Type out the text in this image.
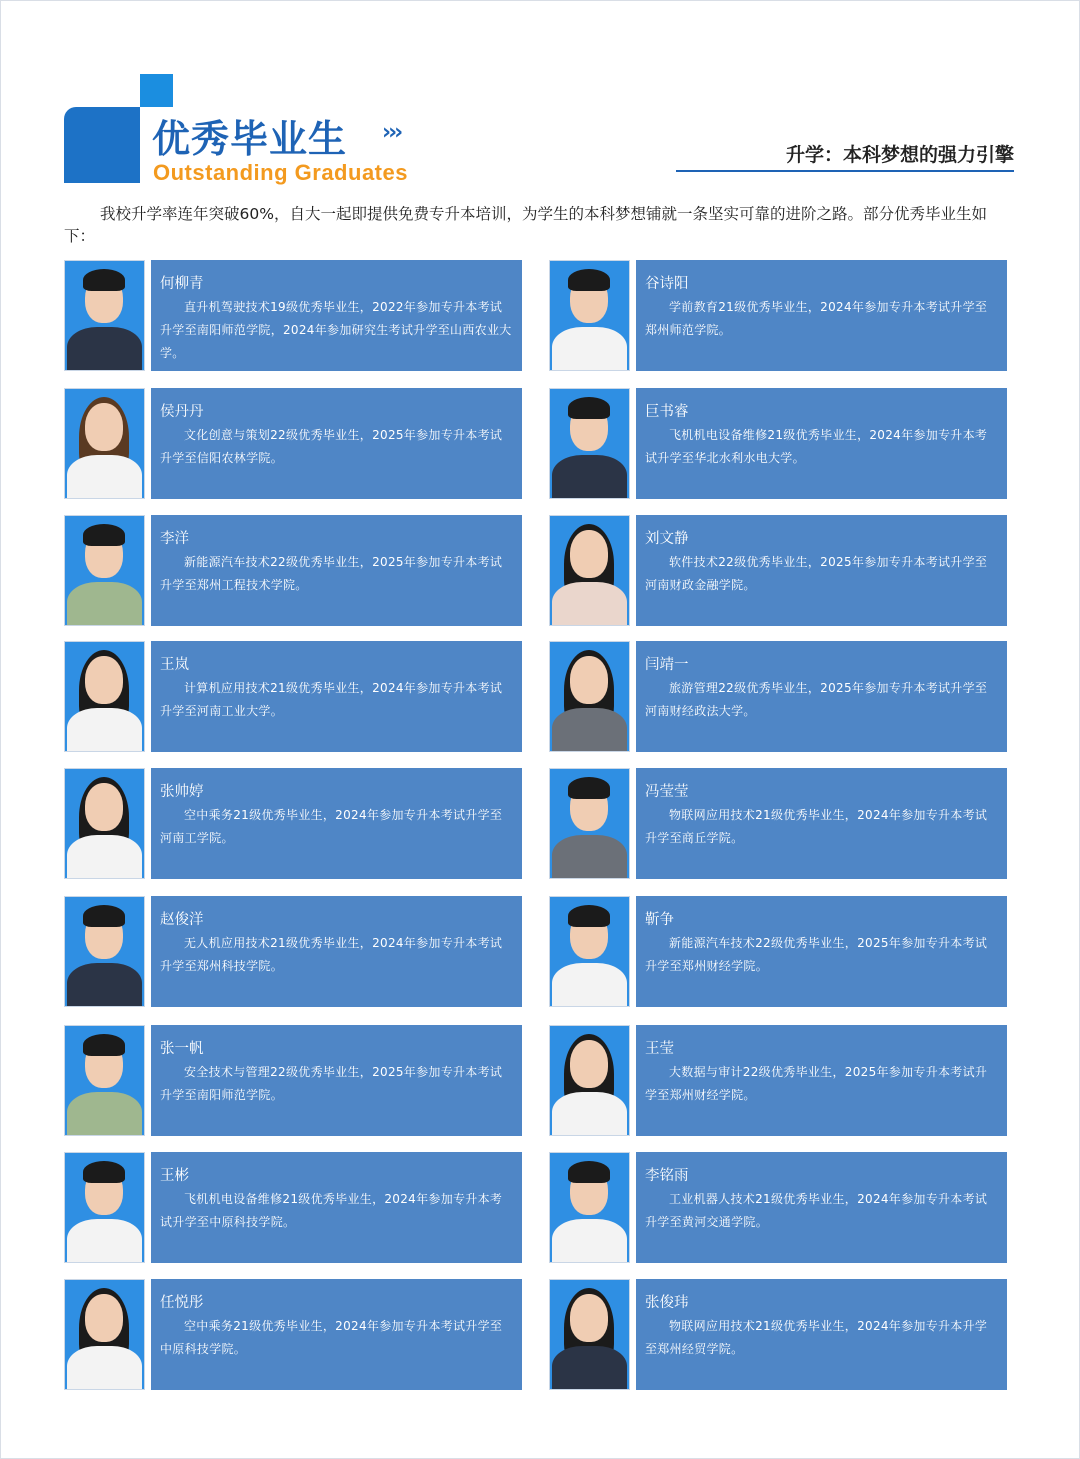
优秀毕业生 ›››
Outstanding Graduates
升学：本科梦想的强力引擎
我校升学率连年突破60%，自大一起即提供免费专升本培训，为学生的本科梦想铺就一条坚实可靠的进阶之路。部分优秀毕业生如下：
何柳青
直升机驾驶技术19级优秀毕业生，2022年参加专升本考试升学至南阳师范学院，2024年参加研究生考试升学至山西农业大学。
谷诗阳
学前教育21级优秀毕业生，2024年参加专升本考试升学至郑州师范学院。
侯丹丹
文化创意与策划22级优秀毕业生，2025年参加专升本考试升学至信阳农林学院。
巨书睿
飞机机电设备维修21级优秀毕业生，2024年参加专升本考试升学至华北水利水电大学。
李洋
新能源汽车技术22级优秀毕业生，2025年参加专升本考试升学至郑州工程技术学院。
刘文静
软件技术22级优秀毕业生，2025年参加专升本考试升学至河南财政金融学院。
王岚
计算机应用技术21级优秀毕业生，2024年参加专升本考试升学至河南工业大学。
闫靖一
旅游管理22级优秀毕业生，2025年参加专升本考试升学至河南财经政法大学。
张帅婷
空中乘务21级优秀毕业生，2024年参加专升本考试升学至河南工学院。
冯莹莹
物联网应用技术21级优秀毕业生，2024年参加专升本考试升学至商丘学院。
赵俊洋
无人机应用技术21级优秀毕业生，2024年参加专升本考试升学至郑州科技学院。
靳争
新能源汽车技术22级优秀毕业生，2025年参加专升本考试升学至郑州财经学院。
张一帆
安全技术与管理22级优秀毕业生，2025年参加专升本考试升学至南阳师范学院。
王莹
大数据与审计22级优秀毕业生，2025年参加专升本考试升学至郑州财经学院。
王彬
飞机机电设备维修21级优秀毕业生，2024年参加专升本考试升学至中原科技学院。
李铭雨
工业机器人技术21级优秀毕业生，2024年参加专升本考试升学至黄河交通学院。
任悦彤
空中乘务21级优秀毕业生，2024年参加专升本考试升学至中原科技学院。
张俊玮
物联网应用技术21级优秀毕业生，2024年参加专升本升学至郑州经贸学院。
